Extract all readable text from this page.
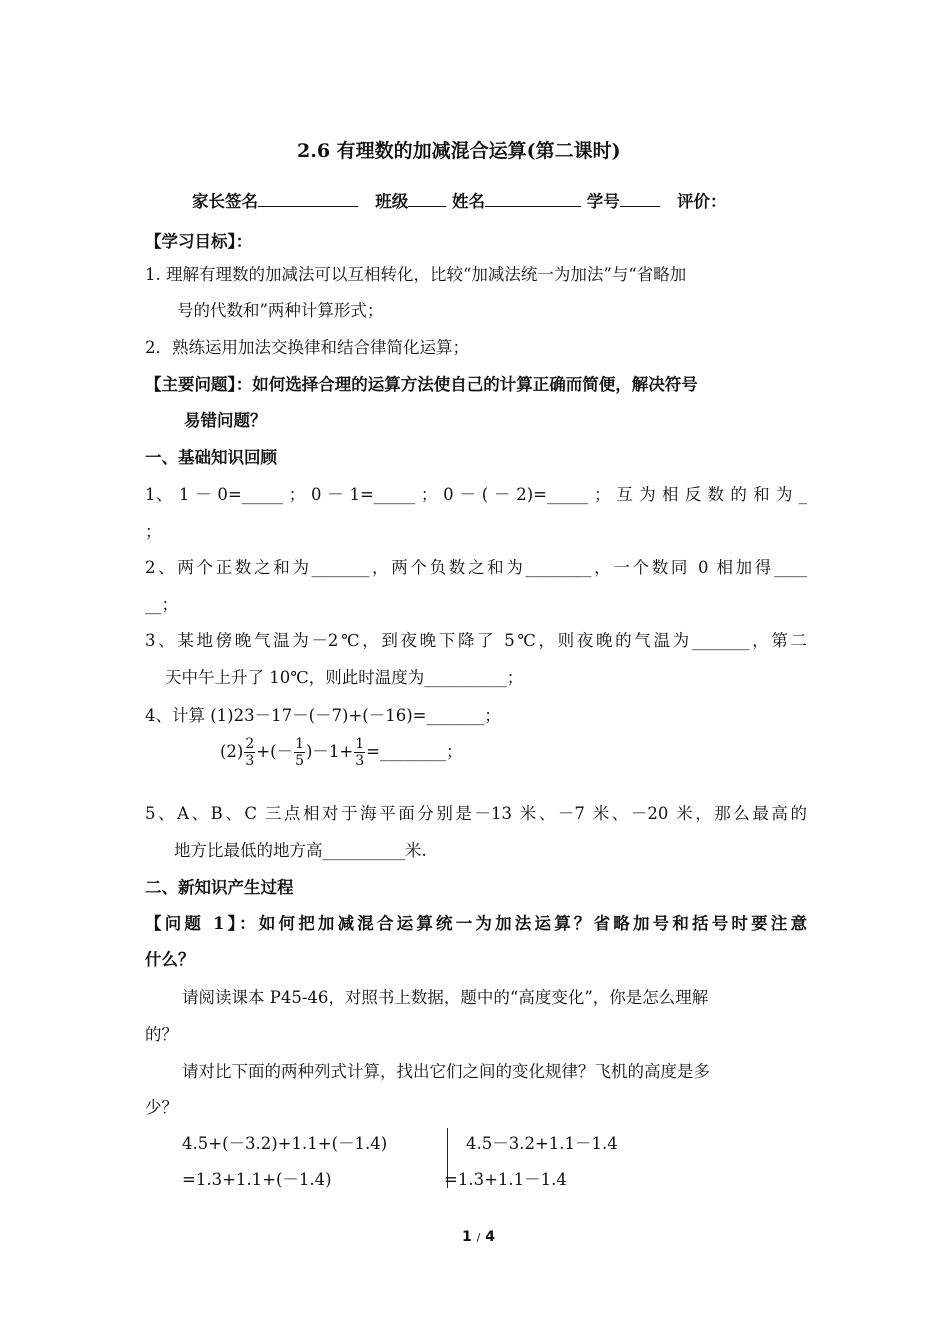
2.6 有理数的加减混合运算(第二课时)
家长签名	班级	姓名	学号	评价：
【学习目标】：
1. 理解有理数的加减法可以互相转化，比较“加减法统一为加法”与“省略加
号的代数和”两种计算形式；
2．熟练运用加法交换律和结合律简化运算；
【主要问题】：如何选择合理的运算方法使自己的计算正确而简便，解决符号
易错问题？
一、基础知识回顾
1、 1 － 0=_____ ； 0 － 1=_____ ； 0 － ( － 2)=_____ ； 互 为 相 反 数 的 和 为 _
；
2、两个正数之和为_______，两个负数之和为________，一个数同 0 相加得____
__；
3、某地傍晚气温为－2℃，到夜晚下降了 5℃，则夜晚的气温为_______，第二
天中午上升了 10℃，则此时温度为__________；
4、计算 (1)23－17－(－7)+(－16)=_______；
$(2) \frac{2}{3}$ +(－ $\frac{1}{5} )-1+ \frac{1}{3}$ =________；
5、A、B、C 三点相对于海平面分别是－13 米、－7 米、－20 米，那么最高的
地方比最低的地方高__________米.
二、新知识产生过程
【问题 1】：如何把加减混合运算统一为加法运算？省略加号和括号时要注意
什么？
请阅读课本 P45-46，对照书上数据，题中的“高度变化”，你是怎么理解
的？
请对比下面的两种列式计算，找出它们之间的变化规律？飞机的高度是多
少？
4.5+(－3.2)+1.1+(－1.4)
=1.3+1.1+(－1.4)
4.5－3.2+1.1－1.4
=1.3+1.1－1.4
1 / 4
